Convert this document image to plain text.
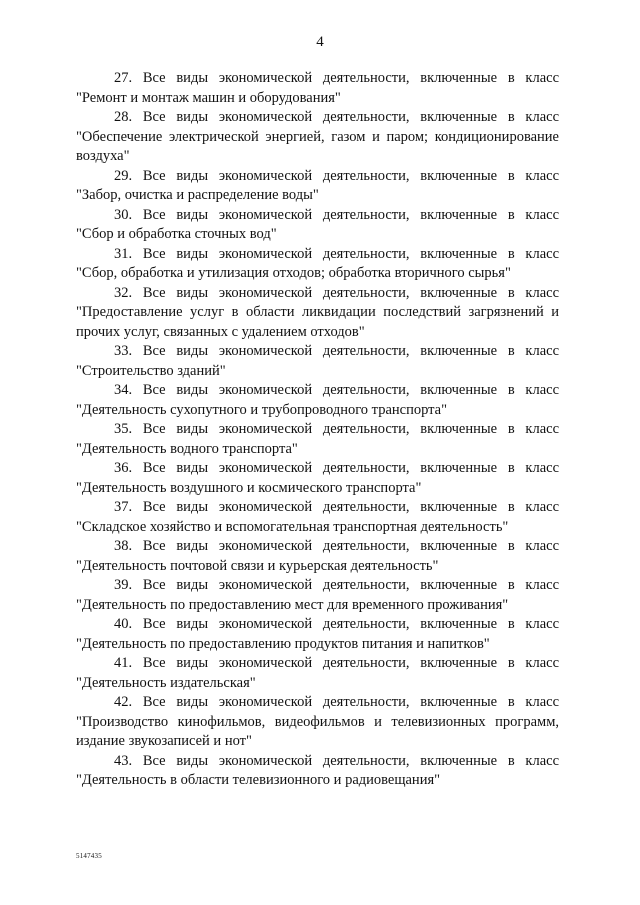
4
27. Все виды экономической деятельности, включенные в класс
"Ремонт и монтаж машин и оборудования"
28. Все виды экономической деятельности, включенные в класс
"Обеспечение электрической энергией, газом и паром; кондиционирование
воздуха"
29. Все виды экономической деятельности, включенные в класс
"Забор, очистка и распределение воды"
30. Все виды экономической деятельности, включенные в класс
"Сбор и обработка сточных вод"
31. Все виды экономической деятельности, включенные в класс
"Сбор, обработка и утилизация отходов; обработка вторичного сырья"
32. Все виды экономической деятельности, включенные в класс
"Предоставление услуг в области ликвидации последствий загрязнений и
прочих услуг, связанных с удалением отходов"
33. Все виды экономической деятельности, включенные в класс
"Строительство зданий"
34. Все виды экономической деятельности, включенные в класс
"Деятельность сухопутного и трубопроводного транспорта"
35. Все виды экономической деятельности, включенные в класс
"Деятельность водного транспорта"
36. Все виды экономической деятельности, включенные в класс
"Деятельность воздушного и космического транспорта"
37. Все виды экономической деятельности, включенные в класс
"Складское хозяйство и вспомогательная транспортная деятельность"
38. Все виды экономической деятельности, включенные в класс
"Деятельность почтовой связи и курьерская деятельность"
39. Все виды экономической деятельности, включенные в класс
"Деятельность по предоставлению мест для временного проживания"
40. Все виды экономической деятельности, включенные в класс
"Деятельность по предоставлению продуктов питания и напитков"
41. Все виды экономической деятельности, включенные в класс
"Деятельность издательская"
42. Все виды экономической деятельности, включенные в класс
"Производство кинофильмов, видеофильмов и телевизионных программ,
издание звукозаписей и нот"
43. Все виды экономической деятельности, включенные в класс
"Деятельность в области телевизионного и радиовещания"
5147435
